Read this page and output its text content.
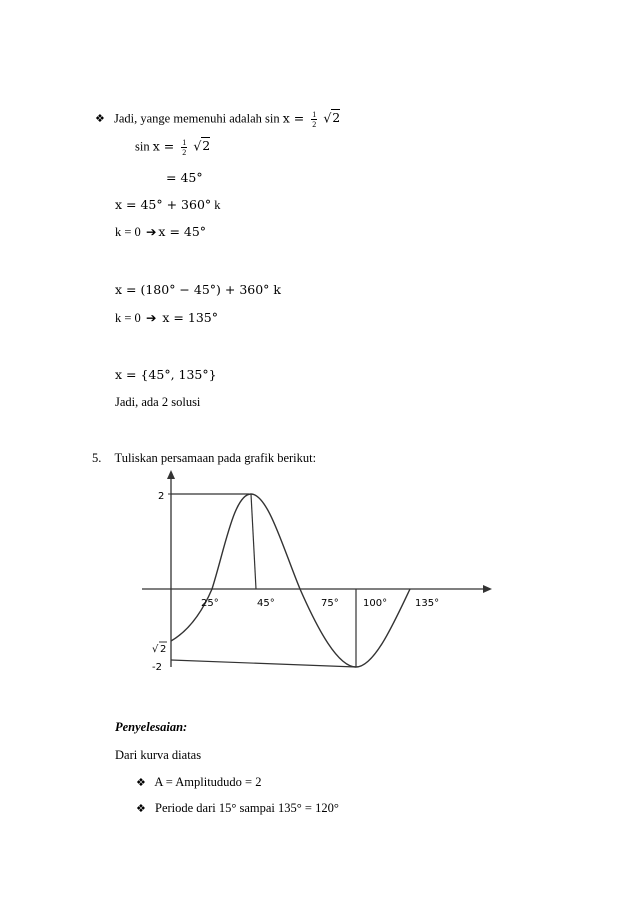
❖ Jadi, yange memenuhi adalah $\sin x = \frac{1}{2} √2$
$\sin x = \frac{1}{2} √2$
= 45°
x = 45° + 360° k
k = 0 ➔ x = 45°
x = (180° − 45°) + 360° k
k = 0 ➔ x = 135°
x = {45°, 135°}
Jadi, ada 2 solusi
5. Tuliskan persamaan pada grafik berikut:
2
√ 2
-2
25°	45°	75° 100°	135°
Penyelesaian:
Dari kurva diatas
❖ A = Amplitududo = 2
❖ Periode dari 15° sampai 135° = 120°
